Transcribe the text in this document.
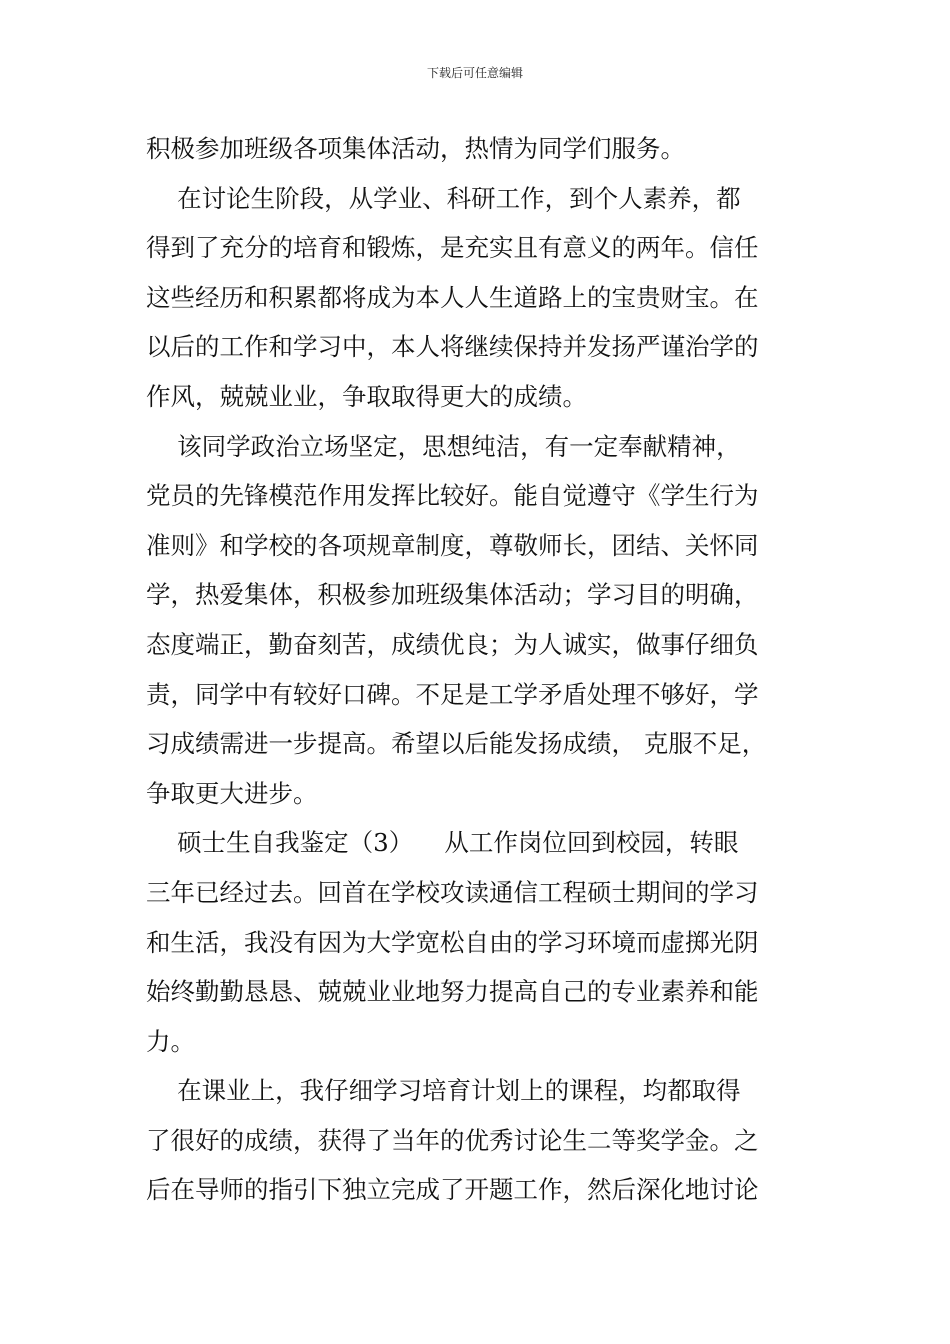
下载后可任意编辑
积极参加班级各项集体活动，热情为同学们服务。
在讨论生阶段，从学业、科研工作，到个人素养，都
得到了充分的培育和锻炼，是充实且有意义的两年。信任
这些经历和积累都将成为本人人生道路上的宝贵财宝。在
以后的工作和学习中，本人将继续保持并发扬严谨治学的
作风，兢兢业业，争取取得更大的成绩。
该同学政治立场坚定，思想纯洁，有一定奉献精神，
党员的先锋模范作用发挥比较好。能自觉遵守《学生行为
准则》和学校的各项规章制度，尊敬师长，团结、关怀同
学，热爱集体，积极参加班级集体活动；学习目的明确，
态度端正，勤奋刻苦，成绩优良；为人诚实，做事仔细负
责，同学中有较好口碑。不足是工学矛盾处理不够好，学
习成绩需进一步提高。希望以后能发扬成绩， 克服不足，
争取更大进步。
硕士生自我鉴定（3）    从工作岗位回到校园，转眼
三年已经过去。回首在学校攻读通信工程硕士期间的学习
和生活，我没有因为大学宽松自由的学习环境而虚掷光阴
始终勤勤恳恳、兢兢业业地努力提高自己的专业素养和能
力。
在课业上，我仔细学习培育计划上的课程，均都取得
了很好的成绩，获得了当年的优秀讨论生二等奖学金。之
后在导师的指引下独立完成了开题工作，然后深化地讨论
